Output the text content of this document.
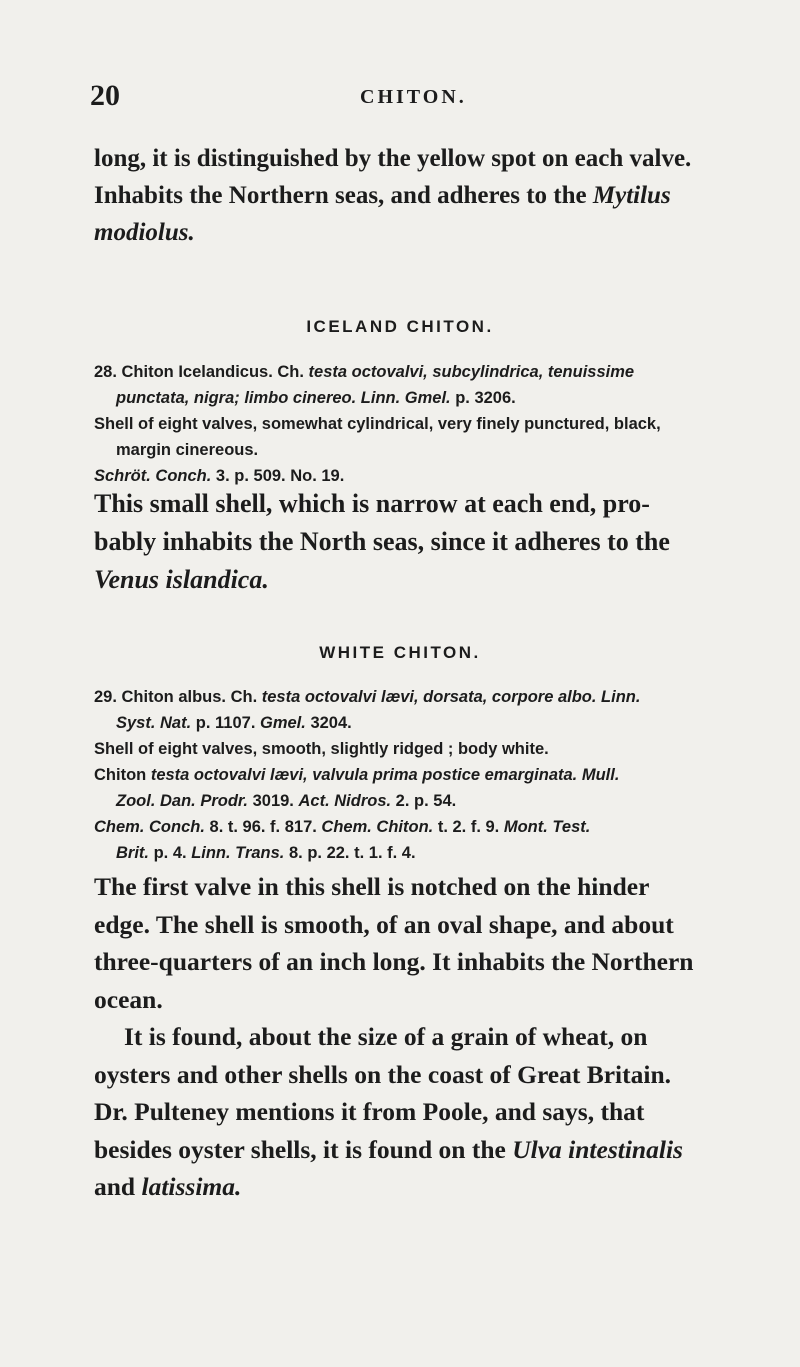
20	CHITON.

long, it is distinguished by the yellow spot on each valve.
Inhabits the Northern seas, and adheres to the Mytilus
modiolus.

ICELAND CHITON.

28. Chiton Icelandicus. Ch. testa octovalvi, subcylindrica, tenuissime

punctata, nigra; limbo cinereo. Linn. Gmel. p. 3206.

Shell of eight valves, somewhat cylindrical, very finely punctured, black,

margin cinereous.

Schröt. Conch. 3. p. 509. No. 19.

This small shell, which is narrow at each end, pro-
bably inhabits the North seas, since it adheres to the
Venus islandica.

WHITE CHITON.

29. Chiton albus. Ch. testa octovalvi lævi, dorsata, corpore albo. Linn.

Syst. Nat. p. 1107. Gmel. 3204.

Shell of eight valves, smooth, slightly ridged ; body white.

Chiton testa octovalvi lævi, valvula prima postice emarginata. Mull.

Zool. Dan. Prodr. 3019. Act. Nidros. 2. p. 54.

Chem. Conch. 8. t. 96. f. 817. Chem. Chiton. t. 2. f. 9. Mont. Test.

Brit. p. 4. Linn. Trans. 8. p. 22. t. 1. f. 4.

The first valve in this shell is notched on the hinder
edge. The shell is smooth, of an oval shape, and about
three-quarters of an inch long. It inhabits the Northern
ocean.
It is found, about the size of a grain of wheat, on
oysters and other shells on the coast of Great Britain.
Dr. Pulteney mentions it from Poole, and says, that
besides oyster shells, it is found on the Ulva intestinalis
and latissima.
